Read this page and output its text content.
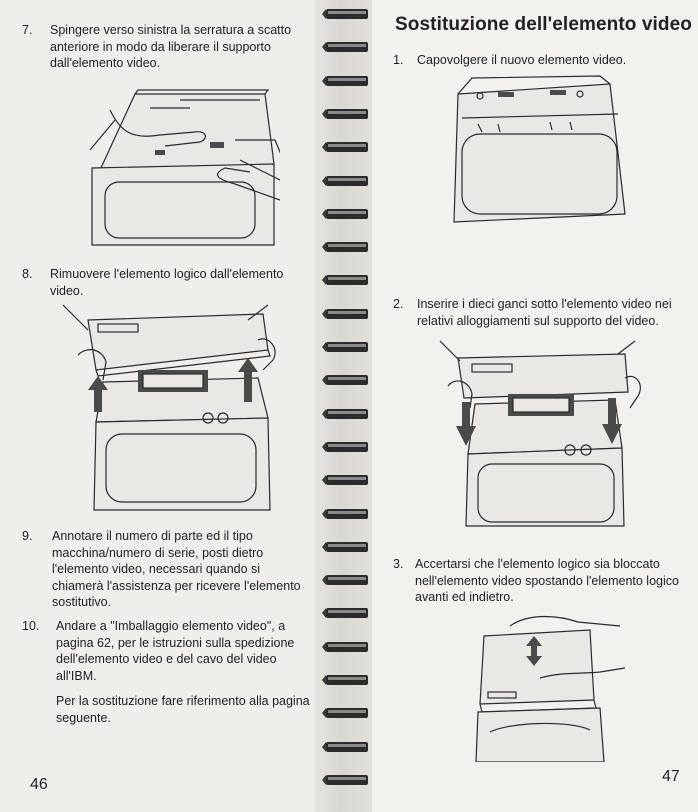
7. Spingere verso sinistra la serratura a scatto anteriore in modo da liberare il supporto dall'elemento video.
8. Rimuovere l'elemento logico dall'elemento video.
9. Annotare il numero di parte ed il tipo macchina/numero di serie, posti dietro l'elemento video, necessari quando si chiamerà l'assistenza per ricevere l'elemento sostitutivo.
10. Andare a "Imballaggio elemento video", a pagina 62, per le istruzioni sulla spedizione dell'elemento video e del cavo del video all'IBM.
Per la sostituzione fare riferimento alla pagina seguente.
46
Sostituzione dell'elemento video
1. Capovolgere il nuovo elemento video.
2. Inserire i dieci ganci sotto l'elemento video nei relativi alloggiamenti sul supporto del video.
3. Accertarsi che l'elemento logico sia bloccato nell'elemento video spostando l'elemento logico avanti ed indietro.
47
